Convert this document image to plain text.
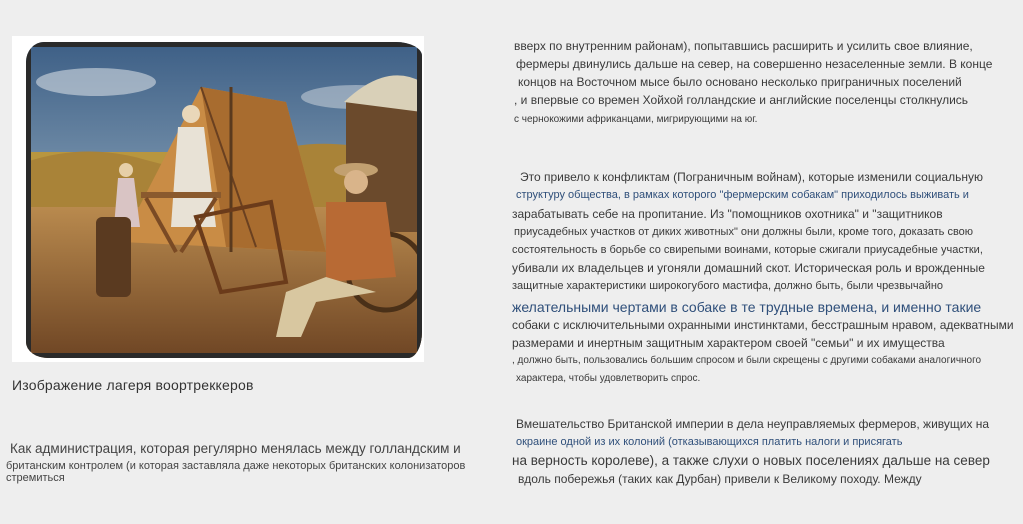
Изображение лагеря воортреккеров
Как администрация, которая регулярно менялась между голландским и
британским контролем (и которая заставляла даже некоторых британских колонизаторов стремиться
вверх по внутренним районам), попытавшись расширить и усилить свое влияние,
фермеры двинулись дальше на север, на совершенно незаселенные земли. В конце
концов на Восточном мысе было основано несколько приграничных поселений
, и впервые со времен Хойхой голландские и английские поселенцы столкнулись
с чернокожими африканцами, мигрирующими на юг.
Это привело к конфликтам (Пограничным войнам), которые изменили социальную
структуру общества, в рамках которого "фермерским собакам" приходилось выживать и
зарабатывать себе на пропитание. Из "помощников охотника" и "защитников
приусадебных участков от диких животных" они должны были, кроме того, доказать свою
состоятельность в борьбе со свирепыми воинами, которые сжигали приусадебные участки,
убивали их владельцев и угоняли домашний скот. Историческая роль и врожденные
защитные характеристики широкогубого мастифа, должно быть, были чрезвычайно
желательными чертами в собаке в те трудные времена, и именно такие
собаки с исключительными охранными инстинктами, бесстрашным нравом, адекватными
размерами и инертным защитным характером своей "семьи" и их имущества
, должно быть, пользовались большим спросом и были скрещены с другими собаками аналогичного
характера, чтобы удовлетворить спрос.
Вмешательство Британской империи в дела неуправляемых фермеров, живущих на
окраине одной из их колоний (отказывающихся платить налоги и присягать
на верность королеве), а также слухи о новых поселениях дальше на север
вдоль побережья (таких как Дурбан) привели к Великому походу. Между
